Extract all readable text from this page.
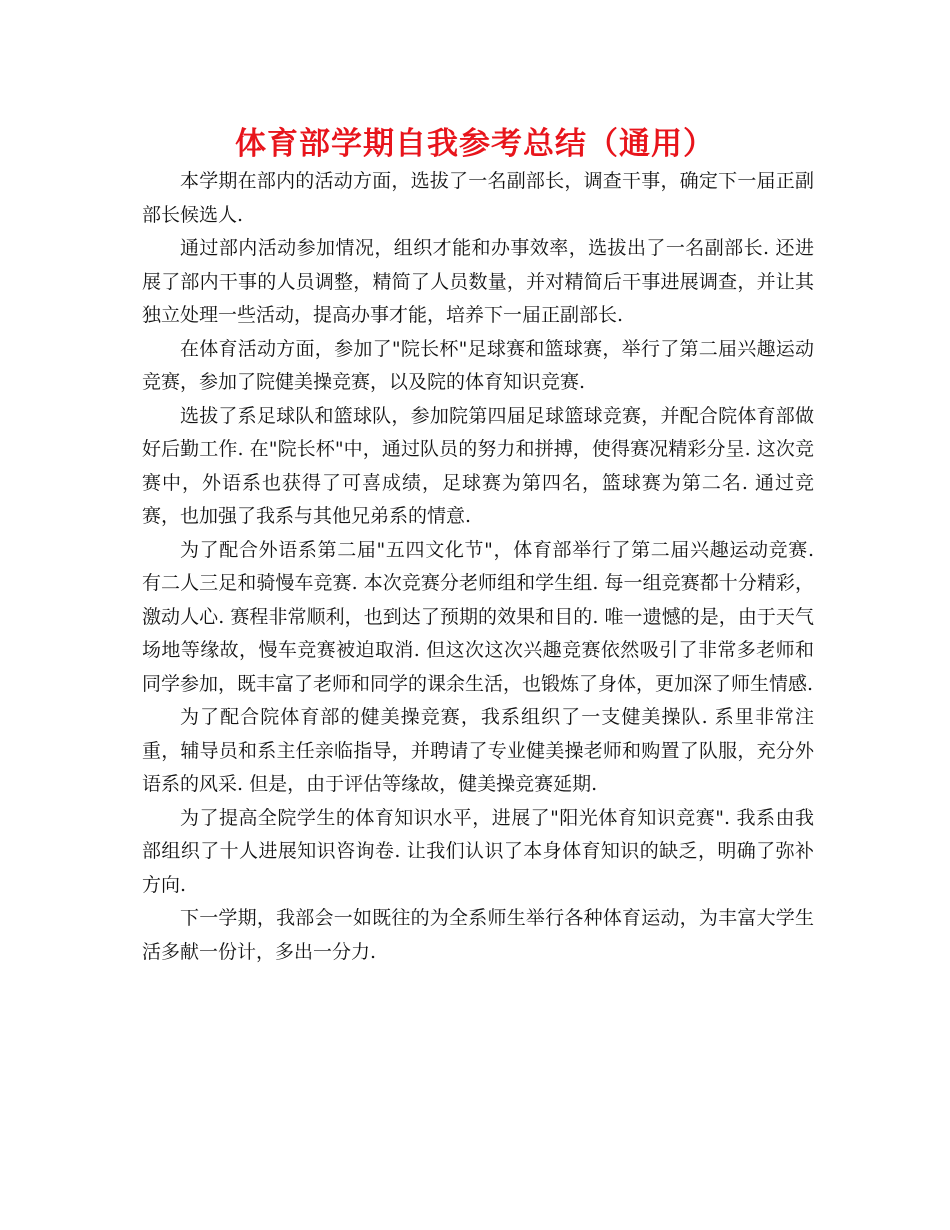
体育部学期自我参考总结（通用）

本学期在部内的活动方面，选拔了一名副部长，调查干事，确定下一届正副部长候选人.

通过部内活动参加情况，组织才能和办事效率，选拔出了一名副部长. 还进展了部内干事的人员调整，精简了人员数量，并对精简后干事进展调查，并让其独立处理一些活动，提高办事才能，培养下一届正副部长.

在体育活动方面，参加了"院长杯"足球赛和篮球赛，举行了第二届兴趣运动竞赛，参加了院健美操竞赛，以及院的体育知识竞赛.

选拔了系足球队和篮球队，参加院第四届足球篮球竞赛，并配合院体育部做好后勤工作. 在"院长杯"中，通过队员的努力和拼搏，使得赛况精彩分呈. 这次竞赛中，外语系也获得了可喜成绩，足球赛为第四名，篮球赛为第二名. 通过竞赛，也加强了我系与其他兄弟系的情意.

为了配合外语系第二届"五四文化节"，体育部举行了第二届兴趣运动竞赛. 有二人三足和骑慢车竞赛. 本次竞赛分老师组和学生组. 每一组竞赛都十分精彩，激动人心. 赛程非常顺利，也到达了预期的效果和目的. 唯一遗憾的是，由于天气场地等缘故，慢车竞赛被迫取消. 但这次这次兴趣竞赛依然吸引了非常多老师和同学参加，既丰富了老师和同学的课余生活，也锻炼了身体，更加深了师生情感.

为了配合院体育部的健美操竞赛，我系组织了一支健美操队. 系里非常注重，辅导员和系主任亲临指导，并聘请了专业健美操老师和购置了队服，充分外语系的风采. 但是，由于评估等缘故，健美操竞赛延期.

为了提高全院学生的体育知识水平，进展了"阳光体育知识竞赛". 我系由我部组织了十人进展知识咨询卷. 让我们认识了本身体育知识的缺乏，明确了弥补方向.

下一学期，我部会一如既往的为全系师生举行各种体育运动，为丰富大学生活多献一份计，多出一分力.
